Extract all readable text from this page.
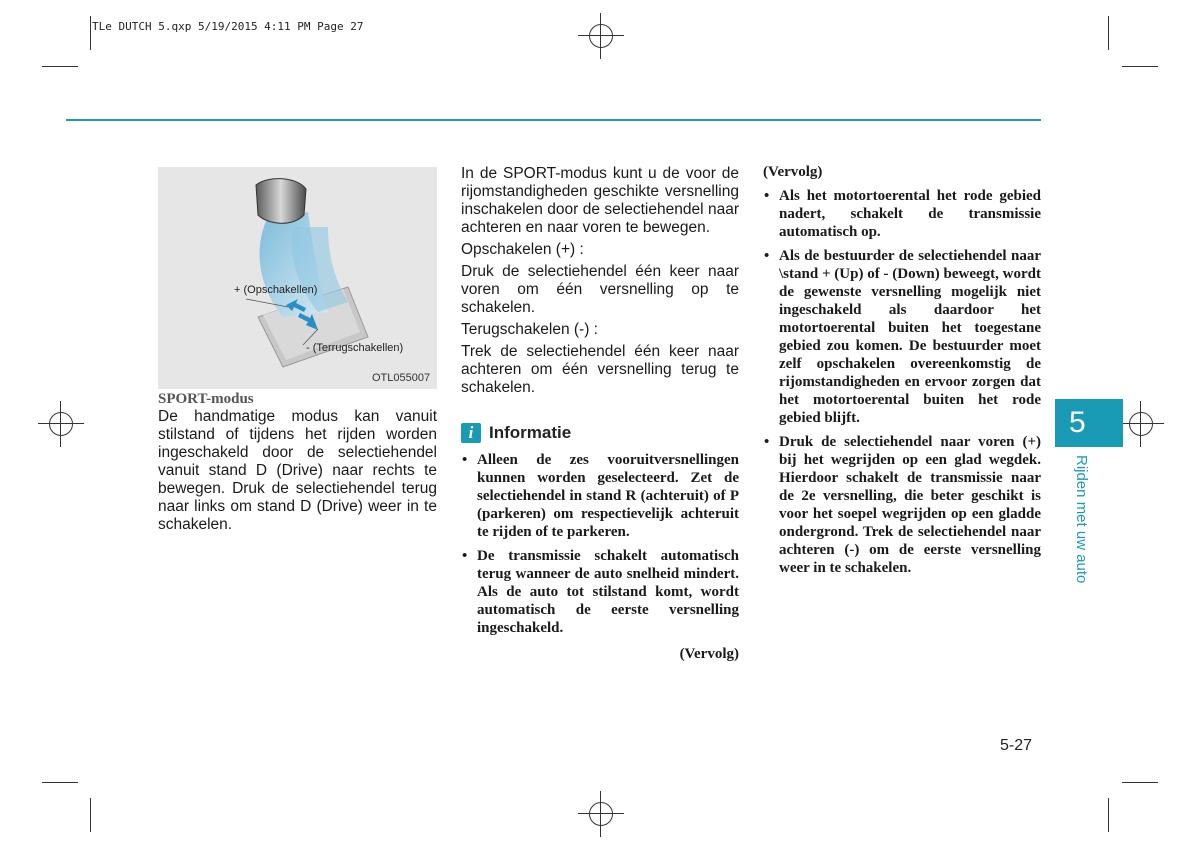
TLe DUTCH 5.qxp 5/19/2015 4:11 PM Page 27
+ (Opschakellen)
- (Terrugschakellen)
OTL055007

SPORT-modus

De handmatige modus kan vanuit stilstand of tijdens het rijden worden ingeschakeld door de selectiehendel vanuit stand D (Drive) naar rechts te bewegen. Druk de selectiehendel terug naar links om stand D (Drive) weer in te schakelen.

In de SPORT-modus kunt u de voor de rijomstandigheden geschikte versnelling inschakelen door de selectiehendel naar achteren en naar voren te bewegen.

Opschakelen (+) :

Druk de selectiehendel één keer naar voren om één versnelling op te schakelen.

Terugschakelen (-) :

Trek de selectiehendel één keer naar achteren om één versnelling terug te schakelen.

i Informatie
• Alleen de zes vooruitversnellingen kunnen worden geselecteerd. Zet de selectiehendel in stand R (achteruit) of P (parkeren) om respectievelijk achteruit te rijden of te parkeren.
• De transmissie schakelt automatisch terug wanneer de auto snelheid mindert. Als de auto tot stilstand komt, wordt automatisch de eerste versnelling ingeschakeld.

(Vervolg)

(Vervolg)

• Als het motortoerental het rode gebied nadert, schakelt de transmissie automatisch op.
• Als de bestuurder de selectiehendel naar \stand + (Up) of - (Down) beweegt, wordt de gewenste versnelling mogelijk niet ingeschakeld als daardoor het motortoerental buiten het toegestane gebied zou komen. De bestuurder moet zelf opschakelen overeenkomstig de rijomstandigheden en ervoor zorgen dat het motortoerental buiten het rode gebied blijft.
• Druk de selectiehendel naar voren (+) bij het wegrijden op een glad wegdek. Hierdoor schakelt de transmissie naar de 2e versnelling, die beter geschikt is voor het soepel wegrijden op een gladde ondergrond. Trek de selectiehendel naar achteren (-) om de eerste versnelling weer in te schakelen.
5
Rijden met uw auto
5-27
